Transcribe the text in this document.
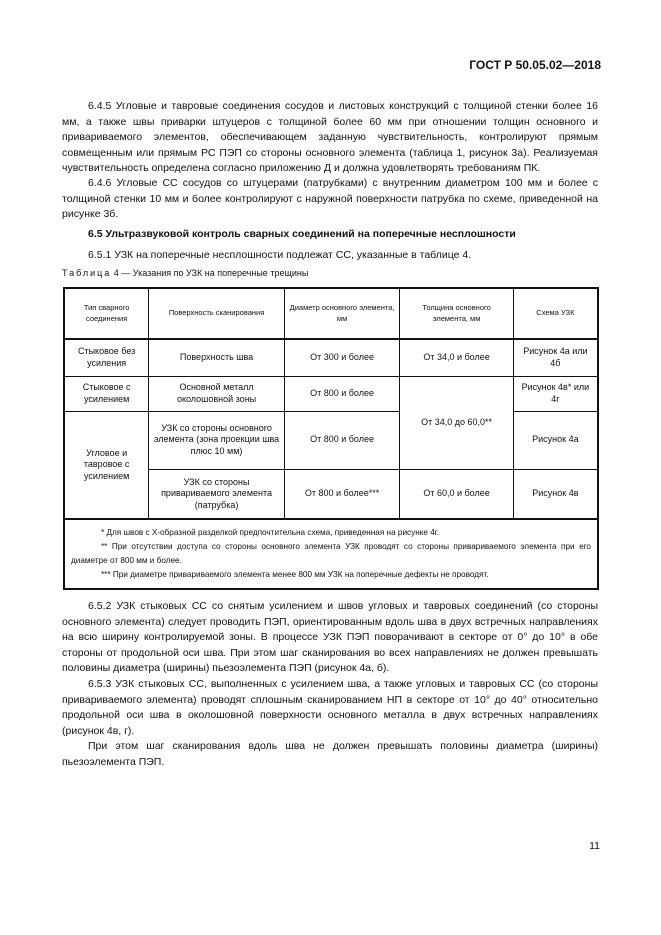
ГОСТ Р 50.05.02—2018

6.4.5 Угловые и тавровые соединения сосудов и листовых конструкций с толщиной стенки более 16 мм, а также швы приварки штуцеров с толщиной более 60 мм при отношении толщин основного и привариваемого элементов, обеспечивающем заданную чувствительность, контролируют прямым совмещенным или прямым РС ПЭП со стороны основного элемента (таблица 1, рисунок 3а). Реализуемая чувствительность определена согласно приложению Д и должна удовлетворять требованиям ПК.

6.4.6 Угловые СС сосудов со штуцерами (патрубками) с внутренним диаметром 100 мм и более с толщиной стенки 10 мм и более контролируют с наружной поверхности патрубка по схеме, приведенной на рисунке 3б.

6.5 Ультразвуковой контроль сварных соединений на поперечные несплошности
6.5.1 УЗК на поперечные несплошности подлежат СС, указанные в таблице 4.
Таблица 4 — Указания по УЗК на поперечные трещины
Тип сварного соединения	Поверхность сканирования	Диаметр основного элемента, мм	Толщина основного элемента, мм	Схема УЗК
Стыковое без усиления	Поверхность шва	От 300 и более	От 34,0 и более	Рисунок 4а или 4б
Стыковое с усилением	Основной металл околошовной зоны	От 800 и более	От 34,0 до 60,0**	Рисунок 4в* или 4г
Угловое и тавровое с усилением	УЗК со стороны основного элемента (зона проекции шва плюс 10 мм)	От 800 и более		Рисунок 4а
	УЗК со стороны привариваемого элемента (патрубка)	От 800 и более***	От 60,0 и более	Рисунок 4в

* Для швов с Х-образной разделкой предпочтительна схема, приведенная на рисунке 4г.

** При отсутствии доступа со стороны основного элемента УЗК проводят со стороны привариваемого элемента при его диаметре от 800 мм и более.

*** При диаметре привариваемого элемента менее 800 мм УЗК на поперечные дефекты не проводят.				

6.5.2 УЗК стыковых СС со снятым усилением и швов угловых и тавровых соединений (со стороны основного элемента) следует проводить ПЭП, ориентированным вдоль шва в двух встречных направлениях на всю ширину контролируемой зоны. В процессе УЗК ПЭП поворачивают в секторе от 0° до 10° в обе стороны от продольной оси шва. При этом шаг сканирования во всех направлениях не должен превышать половины диаметра (ширины) пьезоэлемента ПЭП (рисунок 4а, б).

6.5.3 УЗК стыковых СС, выполненных с усилением шва, а также угловых и тавровых СС (со стороны привариваемого элемента) проводят сплошным сканированием НП в секторе от 10° до 40° относительно продольной оси шва в околошовной поверхности основного металла в двух встречных направлениях (рисунок 4в, г).

При этом шаг сканирования вдоль шва не должен превышать половины диаметра (ширины) пьезоэлемента ПЭП.

11
